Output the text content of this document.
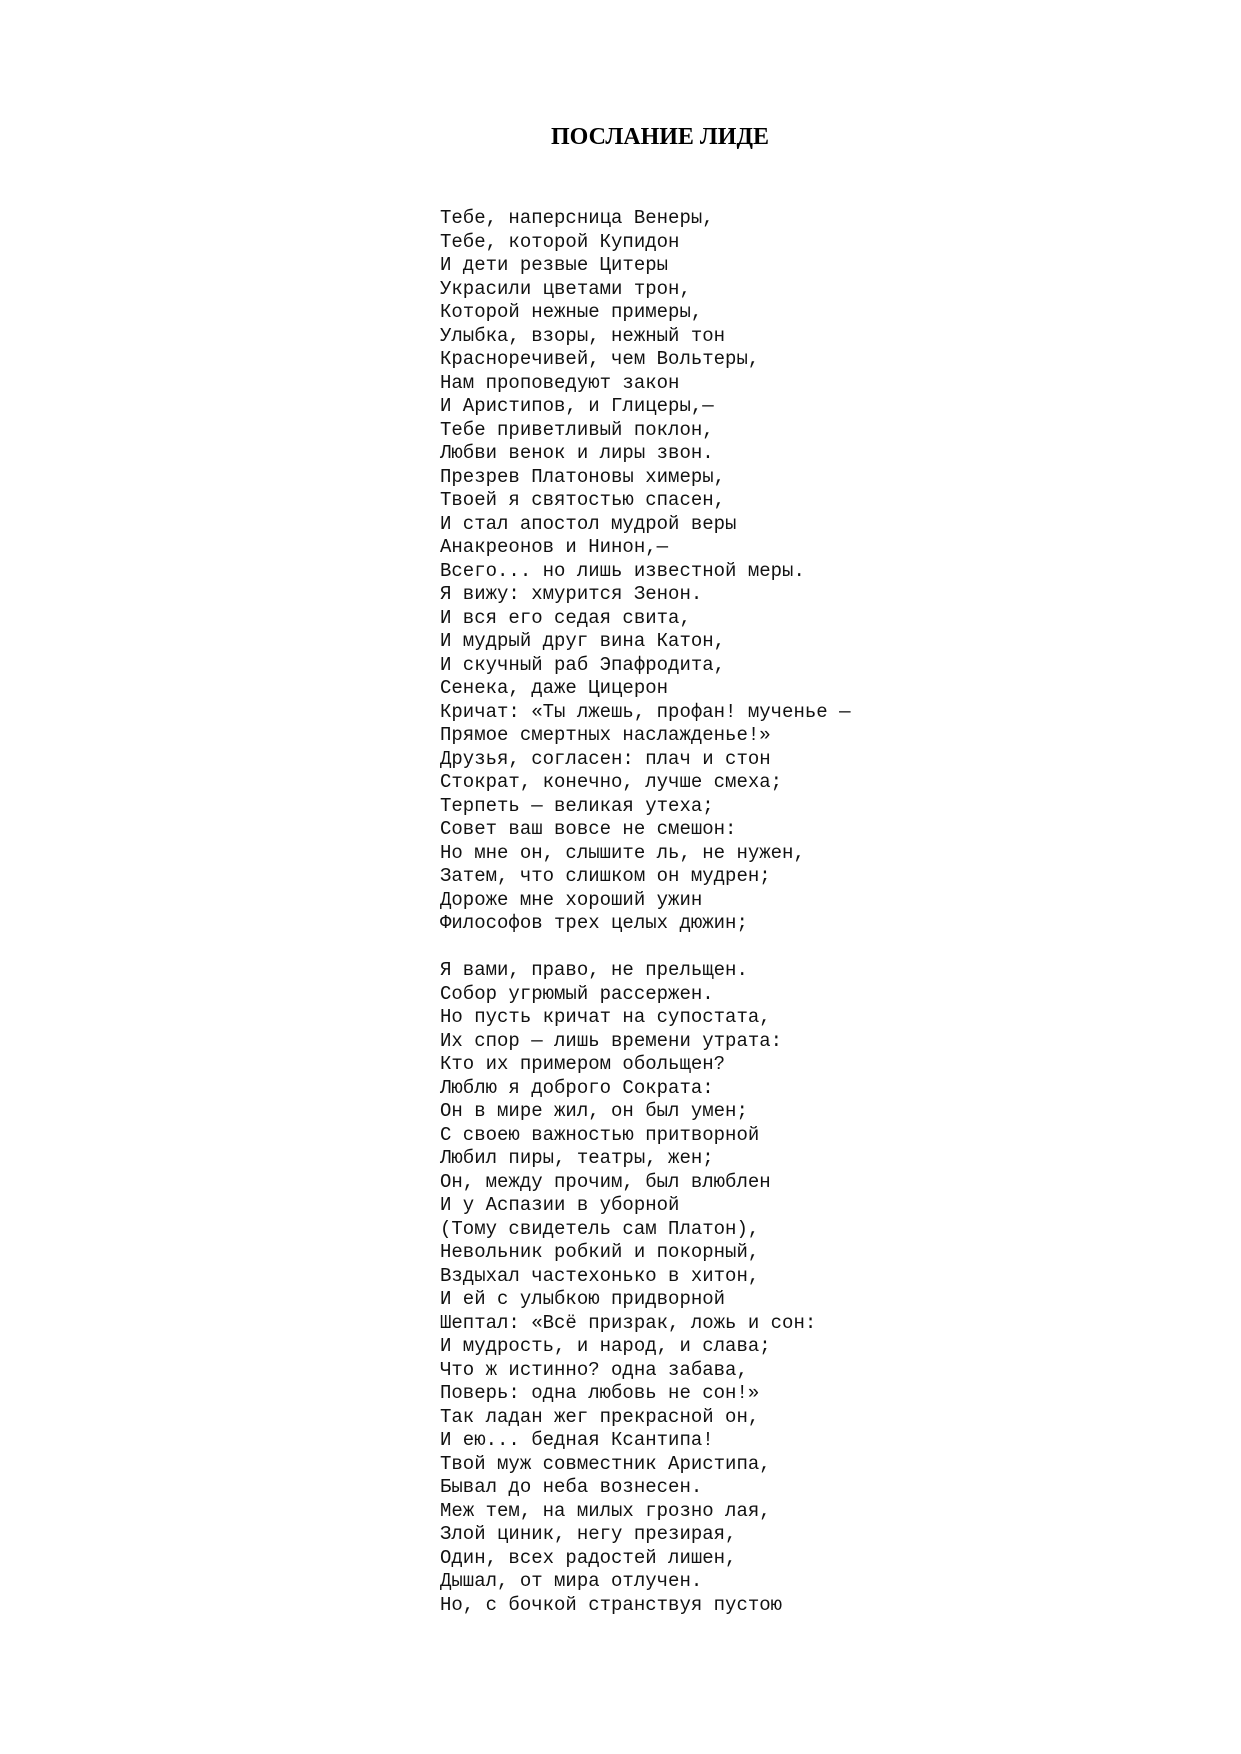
ПОСЛАНИЕ ЛИДЕ
Тебе, наперсница Венеры,
Тебе, которой Купидон
И дети резвые Цитеры
Украсили цветами трон,
Которой нежные примеры,
Улыбка, взоры, нежный тон
Красноречивей, чем Вольтеры,
Нам проповедуют закон
И Аристипов, и Глицеры,—
Тебе приветливый поклон,
Любви венок и лиры звон.
Презрев Платоновы химеры,
Твоей я святостью спасен,
И стал апостол мудрой веры
Анакреонов и Нинон,—
Всего... но лишь известной меры.
Я вижу: хмурится Зенон.
И вся его седая свита,
И мудрый друг вина Катон,
И скучный раб Эпафродита,
Сенека, даже Цицерон
Кричат: «Ты лжешь, профан! мученье —
Прямое смертных наслажденье!»
Друзья, согласен: плач и стон
Стократ, конечно, лучше смеха;
Терпеть — великая утеха;
Совет ваш вовсе не смешон:
Но мне он, слышите ль, не нужен,
Затем, что слишком он мудрен;
Дороже мне хороший ужин
Философов трех целых дюжин;
Я вами, право, не прельщен.
Собор угрюмый рассержен.
Но пусть кричат на супостата,
Их спор — лишь времени утрата:
Кто их примером обольщен?
Люблю я доброго Сократа:
Он в мире жил, он был умен;
С своею важностью притворной
Любил пиры, театры, жен;
Он, между прочим, был влюблен
И у Аспазии в уборной
(Тому свидетель сам Платон),
Невольник робкий и покорный,
Вздыхал частехонько в хитон,
И ей с улыбкою придворной
Шептал: «Всё призрак, ложь и сон:
И мудрость, и народ, и слава;
Что ж истинно? одна забава,
Поверь: одна любовь не сон!»
Так ладан жег прекрасной он,
И ею... бедная Ксантипа!
Твой муж совместник Аристипа,
Бывал до неба вознесен.
Меж тем, на милых грозно лая,
Злой циник, негу презирая,
Один, всех радостей лишен,
Дышал, от мира отлучен.
Но, с бочкой странствуя пустою
